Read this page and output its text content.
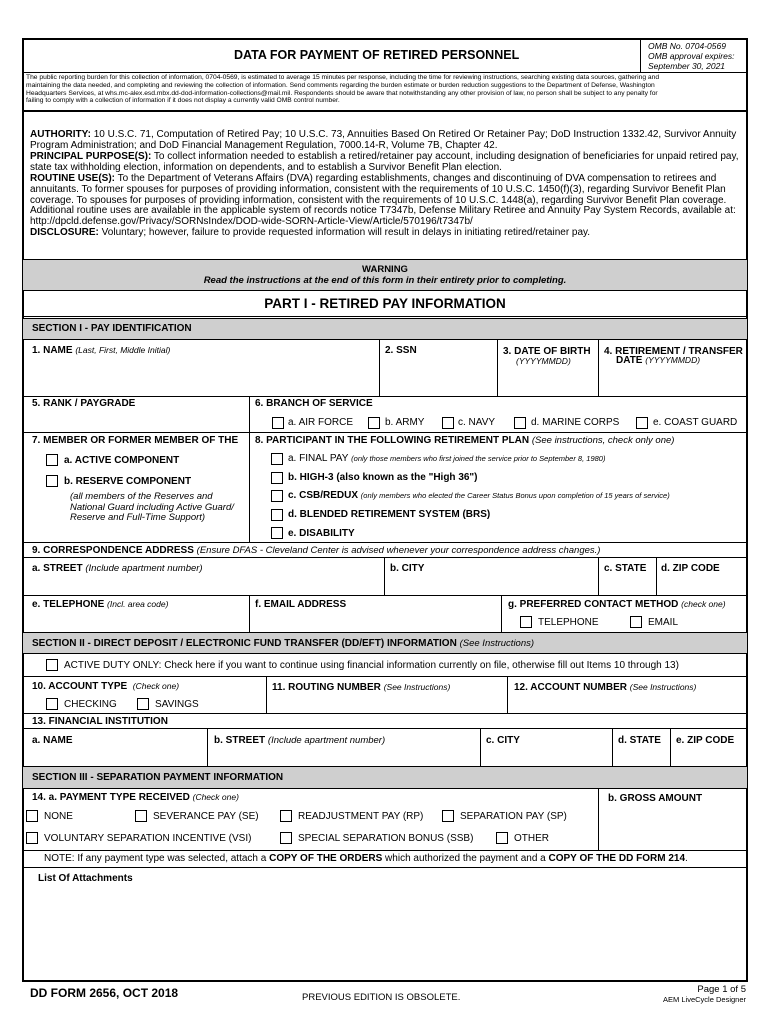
DATA FOR PAYMENT OF RETIRED PERSONNEL
OMB No. 0704-0569
OMB approval expires:
September 30, 2021
The public reporting burden for this collection of information, 0704-0569, is estimated to average 15 minutes per response, including the time for reviewing instructions, searching existing data sources, gathering and
maintaining the data needed, and completing and reviewing the collection of information. Send comments regarding the burden estimate or burden reduction suggestions to the Department of Defense, Washington
Headquarters Services, at whs.mc-alex.esd.mbx.dd-dod-information-collections@mail.mil. Respondents should be aware that notwithstanding any other provision of law, no person shall be subject to any penalty for
failing to comply with a collection of information if it does not display a currently valid OMB control number.
AUTHORITY: 10 U.S.C. 71, Computation of Retired Pay; 10 U.S.C. 73, Annuities Based On Retired Or Retainer Pay; DoD Instruction 1332.42, Survivor Annuity
Program Administration; and DoD Financial Management Regulation, 7000.14-R, Volume 7B, Chapter 42.
PRINCIPAL PURPOSE(S): To collect information needed to establish a retired/retainer pay account, including designation of beneficiaries for unpaid retired pay,
state tax withholding election, information on dependents, and to establish a Survivor Benefit Plan election.
ROUTINE USE(S): To the Department of Veterans Affairs (DVA) regarding establishments, changes and discontinuing of DVA compensation to retirees and
annuitants. To former spouses for purposes of providing information, consistent with the requirements of 10 U.S.C. 1450(f)(3), regarding Survivor Benefit Plan
coverage. To spouses for purposes of providing information, consistent with the requirements of 10 U.S.C. 1448(a), regarding Survivor Benefit Plan coverage.
Additional routine uses are available in the applicable system of records notice T7347b, Defense Military Retiree and Annuity Pay System Records, available at:
http://dpcld.defense.gov/Privacy/SORNsIndex/DOD-wide-SORN-Article-View/Article/570196/t7347b/
DISCLOSURE: Voluntary; however, failure to provide requested information will result in delays in initiating retired/retainer pay.
WARNING
Read the instructions at the end of this form in their entirety prior to completing.
PART I - RETIRED PAY INFORMATION
SECTION I - PAY IDENTIFICATION
1. NAME (Last, First, Middle Initial)	2. SSN	3. DATE OF BIRTH
(YYYYMMDD)
4. RETIREMENT / TRANSFER
DATE (YYYYMMDD)
5. RANK / PAYGRADE	6. BRANCH OF SERVICE
a. AIR FORCE	b. ARMY	c. NAVY	d. MARINE CORPS	e. COAST GUARD
7. MEMBER OR FORMER MEMBER OF THE
a. ACTIVE COMPONENT
b. RESERVE COMPONENT
(all members of the Reserves and
National Guard including Active Guard/
Reserve and Full-Time Support)
8. PARTICIPANT IN THE FOLLOWING RETIREMENT PLAN (See instructions, check only one)
a. FINAL PAY (only those members who first joined the service prior to September 8, 1980)
b. HIGH-3 (also known as the "High 36")
c. CSB/REDUX (only members who elected the Career Status Bonus upon completion of 15 years of service)
d. BLENDED RETIREMENT SYSTEM (BRS)
e. DISABILITY
9. CORRESPONDENCE ADDRESS (Ensure DFAS - Cleveland Center is advised whenever your correspondence address changes.)
a. STREET (Include apartment number)	b. CITY	c. STATE d. ZIP CODE
e. TELEPHONE (Incl. area code)	f. EMAIL ADDRESS	g. PREFERRED CONTACT METHOD (check one)
TELEPHONE	EMAIL
SECTION II - DIRECT DEPOSIT / ELECTRONIC FUND TRANSFER (DD/EFT) INFORMATION (See Instructions)
ACTIVE DUTY ONLY: Check here if you want to continue using financial information currently on file, otherwise fill out Items 10 through 13)
10. ACCOUNT TYPE (Check one)
CHECKING	SAVINGS
11. ROUTING NUMBER (See Instructions)	12. ACCOUNT NUMBER (See Instructions)
13. FINANCIAL INSTITUTION
a. NAME	b. STREET (Include apartment number)	c. CITY	d. STATE e. ZIP CODE
SECTION III - SEPARATION PAYMENT INFORMATION
14. a. PAYMENT TYPE RECEIVED (Check one)	b. GROSS AMOUNT
NONE	SEVERANCE PAY (SE)	READJUSTMENT PAY (RP)	SEPARATION PAY (SP)
VOLUNTARY SEPARATION INCENTIVE (VSI)	SPECIAL SEPARATION BONUS (SSB)	OTHER
NOTE: If any payment type was selected, attach a COPY OF THE ORDERS which authorized the payment and a COPY OF THE DD FORM 214.
List Of Attachments
DD FORM 2656, OCT 2018	PREVIOUS EDITION IS OBSOLETE.
Page 1 of 5
AEM LiveCycle Designer
